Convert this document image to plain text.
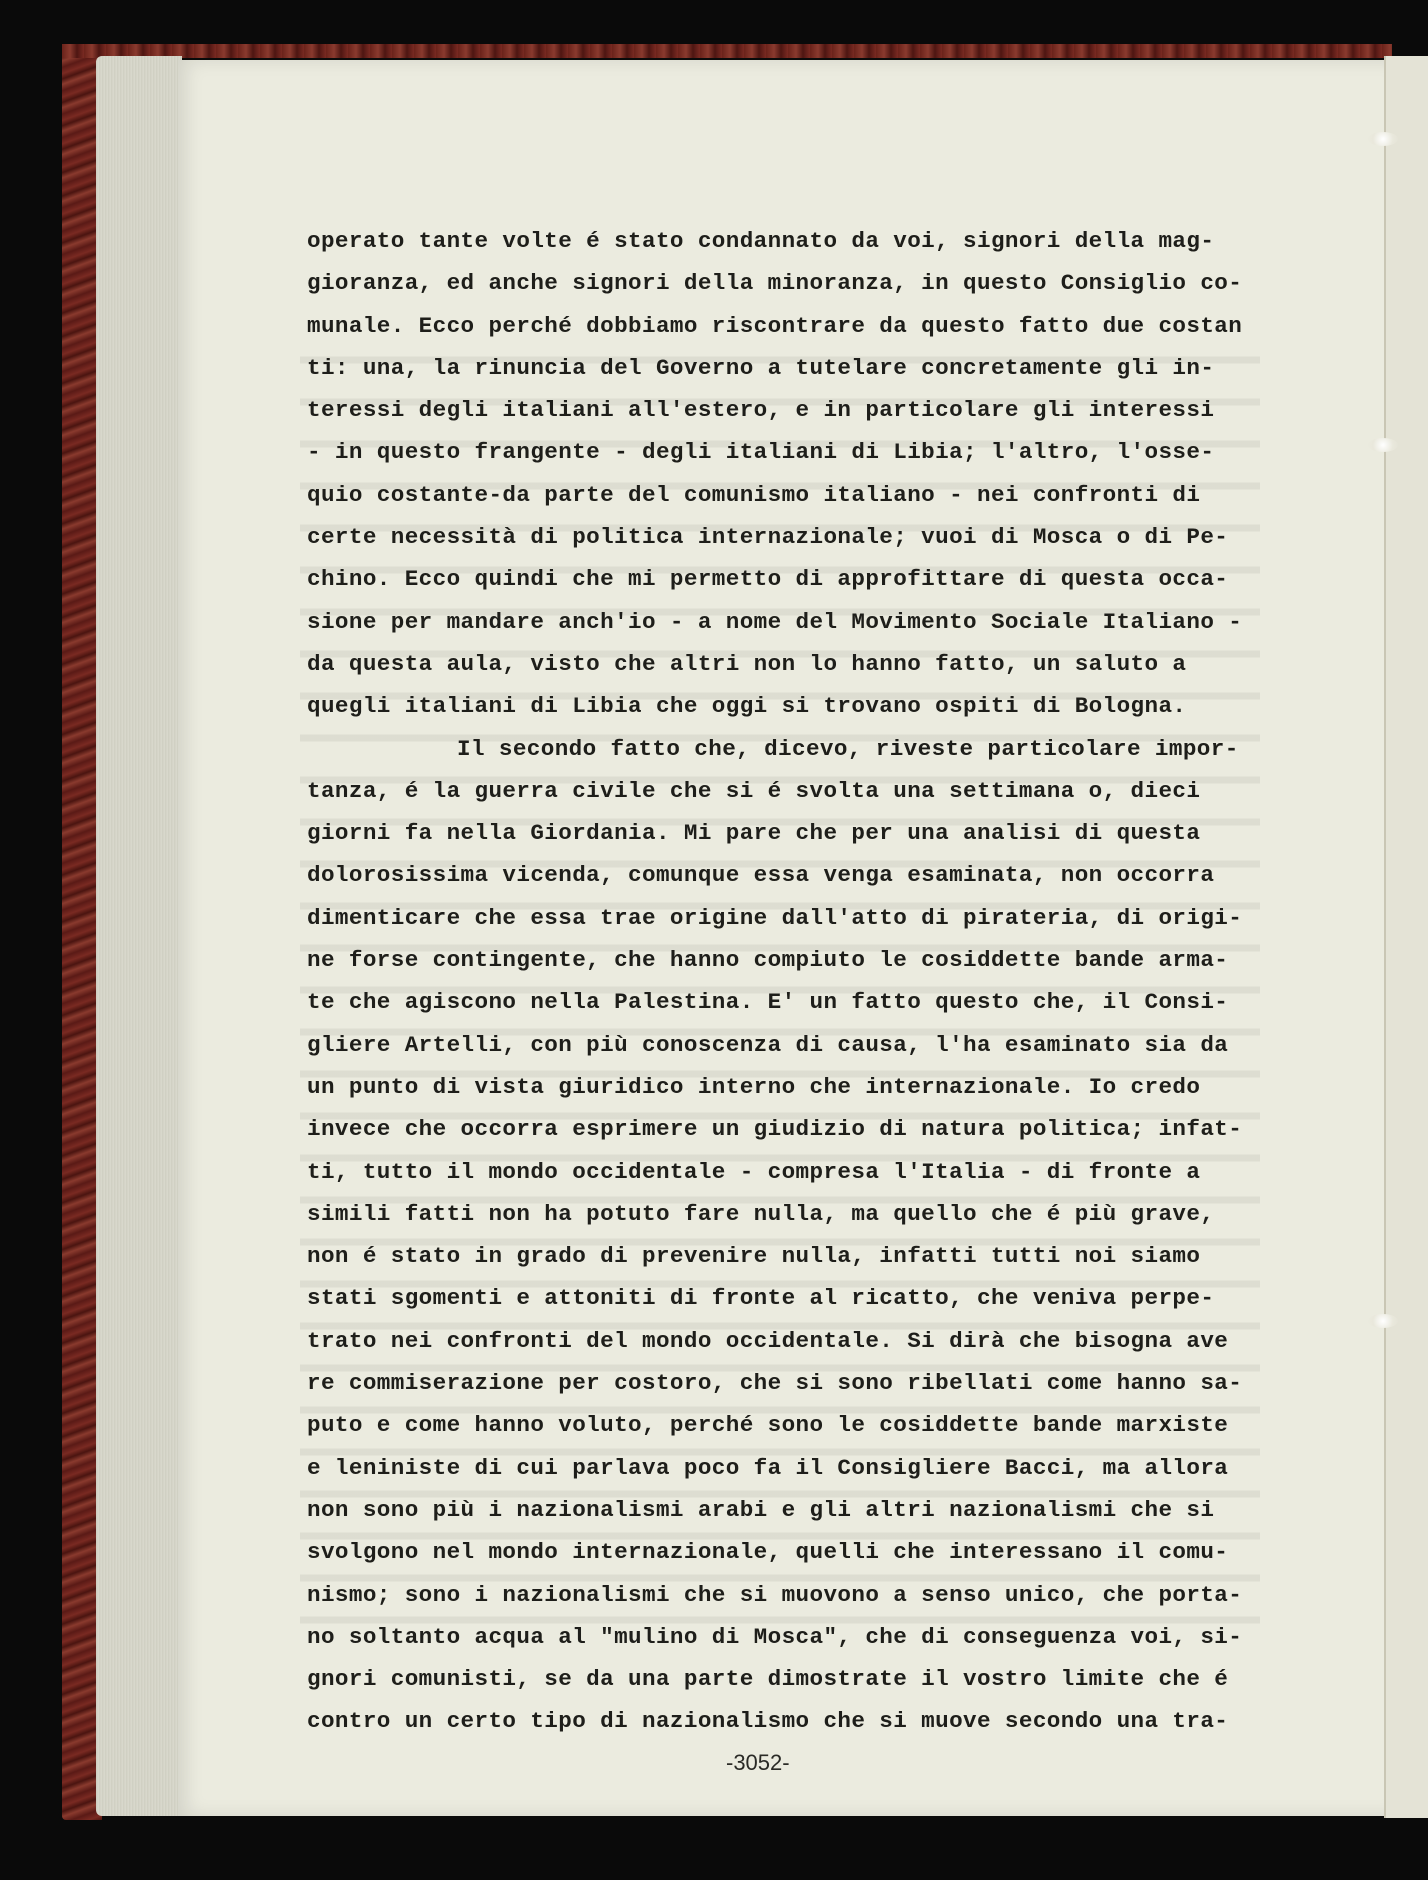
operato tante volte é stato condannato da voi, signori della mag-
gioranza, ed anche signori della minoranza, in questo Consiglio co-
munale. Ecco perché dobbiamo riscontrare da questo fatto due costan
ti: una, la rinuncia del Governo a tutelare concretamente gli in-
teressi degli italiani all'estero, e in particolare gli interessi
- in questo frangente - degli italiani di Libia; l'altro, l'osse-
quio costante-da parte del comunismo italiano - nei confronti di
certe necessità di politica internazionale; vuoi di Mosca o di Pe-
chino. Ecco quindi che mi permetto di approfittare di questa occa-
sione per mandare anch'io - a nome del Movimento Sociale Italiano -
da questa aula, visto che altri non lo hanno fatto, un saluto a
quegli italiani di Libia che oggi si trovano ospiti di Bologna.
Il secondo fatto che, dicevo, riveste particolare impor-
tanza, é la guerra civile che si é svolta una settimana o, dieci
giorni fa nella Giordania. Mi pare che per una analisi di questa
dolorosissima vicenda, comunque essa venga esaminata, non occorra
dimenticare che essa trae origine dall'atto di pirateria, di origi-
ne forse contingente, che hanno compiuto le cosiddette bande arma-
te che agiscono nella Palestina. E' un fatto questo che, il Consi-
gliere Artelli, con più conoscenza di causa, l'ha esaminato sia da
un punto di vista giuridico interno che internazionale. Io credo
invece che occorra esprimere un giudizio di natura politica; infat-
ti, tutto il mondo occidentale - compresa l'Italia - di fronte a
simili fatti non ha potuto fare nulla, ma quello che é più grave,
non é stato in grado di prevenire nulla, infatti tutti noi siamo
stati sgomenti e attoniti di fronte al ricatto, che veniva perpe-
trato nei confronti del mondo occidentale. Si dirà che bisogna ave
re commiserazione per costoro, che si sono ribellati come hanno sa-
puto e come hanno voluto, perché sono le cosiddette bande marxiste
e leniniste di cui parlava poco fa il Consigliere Bacci, ma allora
non sono più i nazionalismi arabi e gli altri nazionalismi che si
svolgono nel mondo internazionale, quelli che interessano il comu-
nismo; sono i nazionalismi che si muovono a senso unico, che porta-
no soltanto acqua al "mulino di Mosca", che di conseguenza voi, si-
gnori comunisti, se da una parte dimostrate il vostro limite che é
contro un certo tipo di nazionalismo che si muove secondo una tra-
-3052-
